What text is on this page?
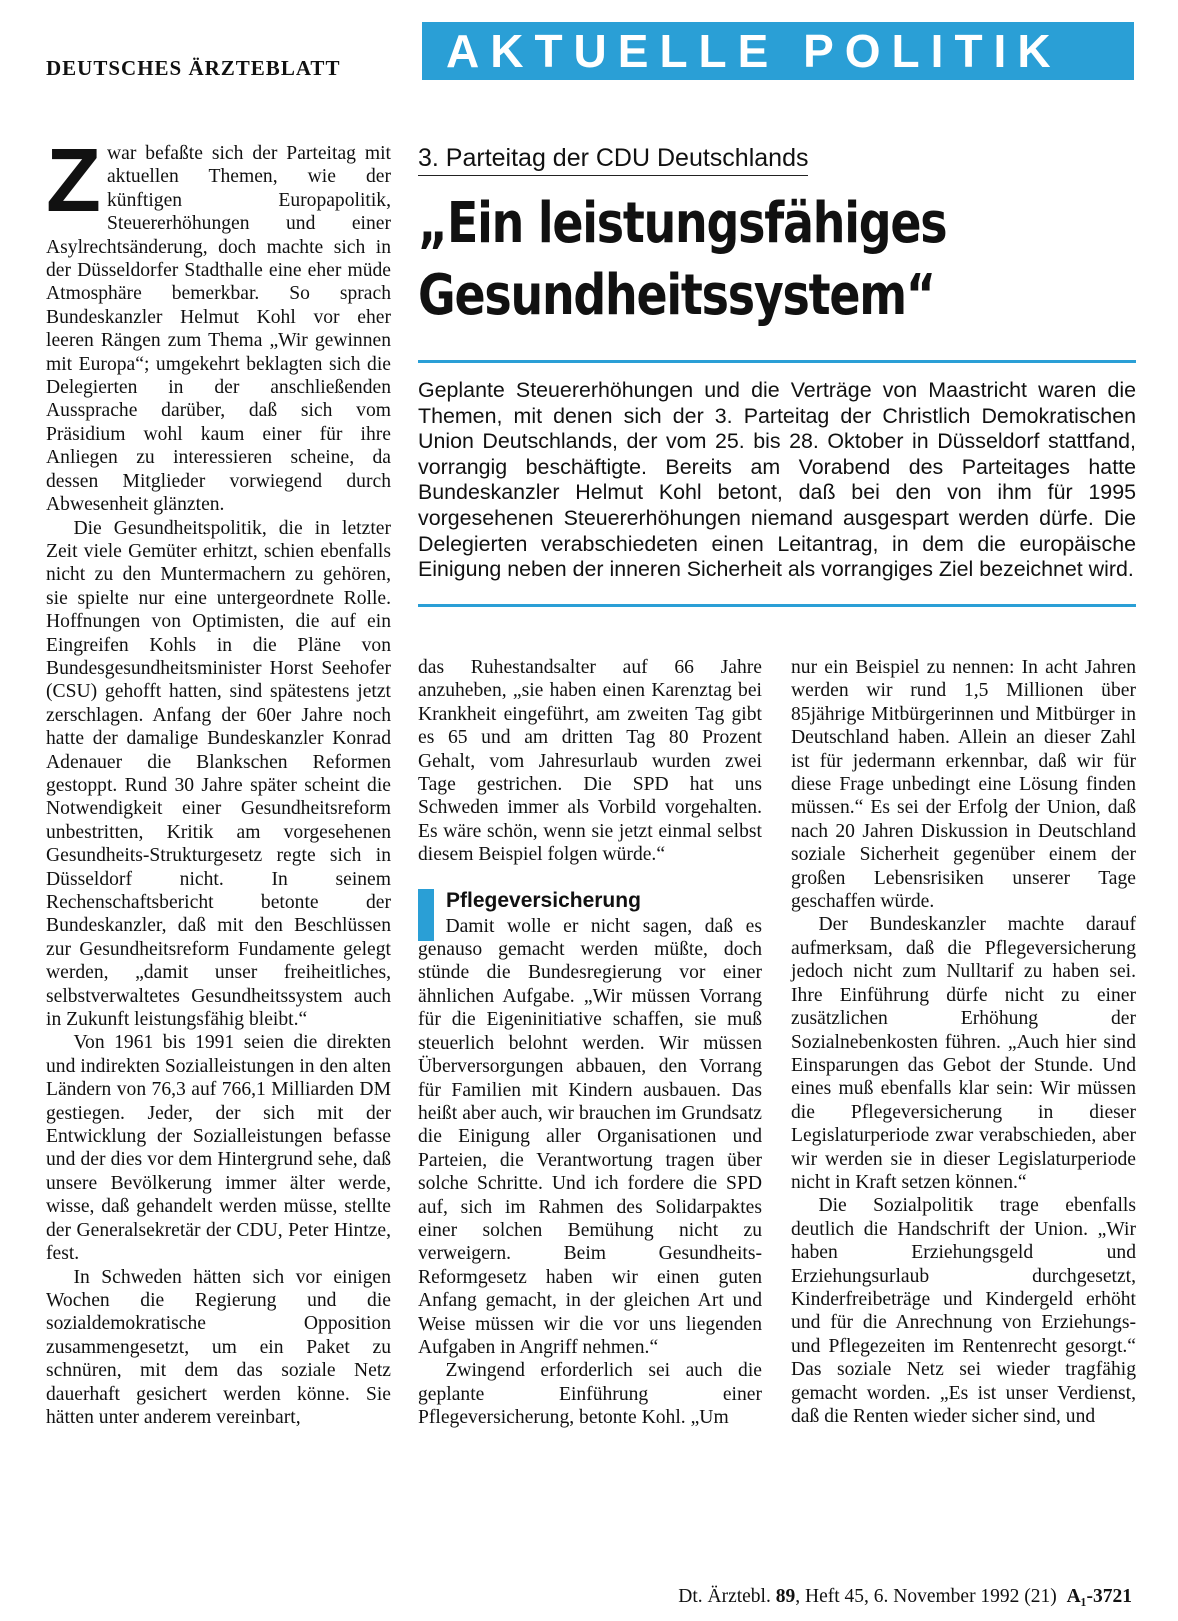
DEUTSCHES ÄRZTEBLATT	AKTUELLE POLITIK
Z war befaßte sich der Parteitag mit aktuellen Themen, wie der künftigen Europapolitik, Steuererhöhungen und einer Asylrechtsänderung, doch machte sich in der Düsseldorfer Stadthalle eine eher müde Atmosphäre bemerkbar. So sprach Bundeskanzler Helmut Kohl vor eher leeren Rängen zum Thema „Wir gewinnen mit Europa“; umgekehrt beklagten sich die Delegierten in der anschließenden Aussprache darüber, daß sich vom Präsidium wohl kaum einer für ihre Anliegen zu interessieren scheine, da dessen Mitglieder vorwiegend durch Abwesenheit glänzten.

Die Gesundheitspolitik, die in letzter Zeit viele Gemüter erhitzt, schien ebenfalls nicht zu den Muntermachern zu gehören, sie spielte nur eine untergeordnete Rolle. Hoffnungen von Optimisten, die auf ein Eingreifen Kohls in die Pläne von Bundesgesundheitsminister Horst Seehofer (CSU) gehofft hatten, sind spätestens jetzt zerschlagen. Anfang der 60er Jahre noch hatte der damalige Bundeskanzler Konrad Adenauer die Blankschen Reformen gestoppt. Rund 30 Jahre später scheint die Notwendigkeit einer Gesundheitsreform unbestritten, Kritik am vorgesehenen Gesundheits-Strukturgesetz regte sich in Düsseldorf nicht. In seinem Rechenschaftsbericht betonte der Bundeskanzler, daß mit den Beschlüssen zur Gesundheitsreform Fundamente gelegt werden, „damit unser freiheitliches, selbstverwaltetes Gesundheitssystem auch in Zukunft leistungsfähig bleibt.“

Von 1961 bis 1991 seien die direkten und indirekten Sozialleistungen in den alten Ländern von 76,3 auf 766,1 Milliarden DM gestiegen. Jeder, der sich mit der Entwicklung der Sozialleistungen befasse und der dies vor dem Hintergrund sehe, daß unsere Bevölkerung immer älter werde, wisse, daß gehandelt werden müsse, stellte der Generalsekretär der CDU, Peter Hintze, fest.

In Schweden hätten sich vor einigen Wochen die Regierung und die sozialdemokratische Opposition zusammengesetzt, um ein Paket zu schnüren, mit dem das soziale Netz dauerhaft gesichert werden könne. Sie hätten unter anderem vereinbart,

3. Parteitag der CDU Deutschlands
„Ein leistungsfähiges
Gesundheitssystem“
Geplante Steuererhöhungen und die Verträge von Maastricht waren die Themen, mit denen sich der 3. Parteitag der Christlich Demokratischen Union Deutschlands, der vom 25. bis 28. Oktober in Düsseldorf stattfand, vorrangig beschäftigte. Bereits am Vorabend des Parteitages hatte Bundeskanzler Helmut Kohl betont, daß bei den von ihm für 1995 vorgesehenen Steuererhöhungen niemand ausgespart werden dürfe. Die Delegierten verabschiedeten einen Leitantrag, in dem die europäische Einigung neben der inneren Sicherheit als vorrangiges Ziel bezeichnet wird.

das Ruhestandsalter auf 66 Jahre anzuheben, „sie haben einen Karenztag bei Krankheit eingeführt, am zweiten Tag gibt es 65 und am dritten Tag 80 Prozent Gehalt, vom Jahresurlaub wurden zwei Tage gestrichen. Die SPD hat uns Schweden immer als Vorbild vorgehalten. Es wäre schön, wenn sie jetzt einmal selbst diesem Beispiel folgen würde.“

Pflegeversicherung

Damit wolle er nicht sagen, daß es genauso gemacht werden müßte, doch stünde die Bundesregierung vor einer ähnlichen Aufgabe. „Wir müssen Vorrang für die Eigeninitiative schaffen, sie muß steuerlich belohnt werden. Wir müssen Überversorgungen abbauen, den Vorrang für Familien mit Kindern ausbauen. Das heißt aber auch, wir brauchen im Grundsatz die Einigung aller Organisationen und Parteien, die Verantwortung tragen über solche Schritte. Und ich fordere die SPD auf, sich im Rahmen des Solidarpaktes einer solchen Bemühung nicht zu verweigern. Beim Gesundheits-Reformgesetz haben wir einen guten Anfang gemacht, in der gleichen Art und Weise müssen wir die vor uns liegenden Aufgaben in Angriff nehmen.“

Zwingend erforderlich sei auch die geplante Einführung einer Pflegeversicherung, betonte Kohl. „Um

nur ein Beispiel zu nennen: In acht Jahren werden wir rund 1,5 Millionen über 85jährige Mitbürgerinnen und Mitbürger in Deutschland haben. Allein an dieser Zahl ist für jedermann erkennbar, daß wir für diese Frage unbedingt eine Lösung finden müssen.“ Es sei der Erfolg der Union, daß nach 20 Jahren Diskussion in Deutschland soziale Sicherheit gegenüber einem der großen Lebensrisiken unserer Tage geschaffen würde.

Der Bundeskanzler machte darauf aufmerksam, daß die Pflegeversicherung jedoch nicht zum Nulltarif zu haben sei. Ihre Einführung dürfe nicht zu einer zusätzlichen Erhöhung der Sozialnebenkosten führen. „Auch hier sind Einsparungen das Gebot der Stunde. Und eines muß ebenfalls klar sein: Wir müssen die Pflegeversicherung in dieser Legislaturperiode zwar verabschieden, aber wir werden sie in dieser Legislaturperiode nicht in Kraft setzen können.“

Die Sozialpolitik trage ebenfalls deutlich die Handschrift der Union. „Wir haben Erziehungsgeld und Erziehungsurlaub durchgesetzt, Kinderfreibeträge und Kindergeld erhöht und für die Anrechnung von Erziehungs- und Pflegezeiten im Rentenrecht gesorgt.“ Das soziale Netz sei wieder tragfähig gemacht worden. „Es ist unser Verdienst, daß die Renten wieder sicher sind, und

Dt. Ärztebl. 89, Heft 45, 6. November 1992 (21) A₁-3721
